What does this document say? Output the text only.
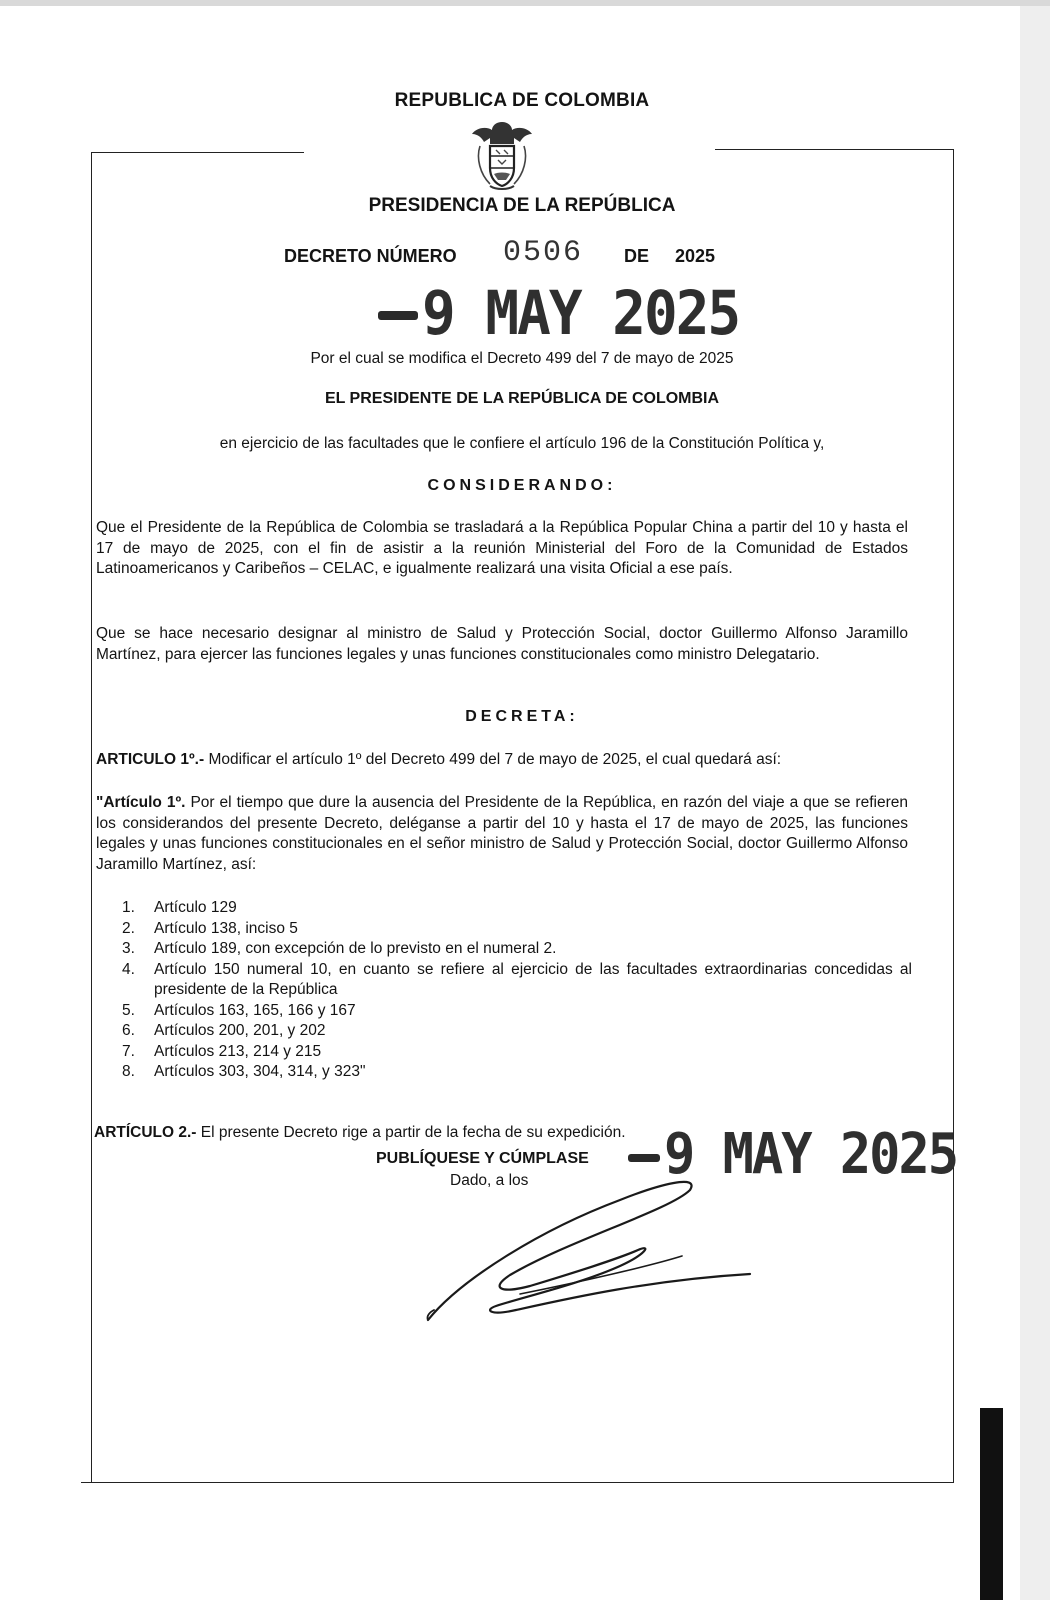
REPUBLICA DE COLOMBIA

PRESIDENCIA DE LA REPÚBLICA

DECRETO NÚMERO 0506 DE 2025
9 MAY 2025

Por el cual se modifica el Decreto 499 del 7 de mayo de 2025

EL PRESIDENTE DE LA REPÚBLICA DE COLOMBIA

en ejercicio de las facultades que le confiere el artículo 196 de la Constitución Política y,

CONSIDERANDO:

Que el Presidente de la República de Colombia se trasladará a la República Popular China a partir del 10 y hasta el 17 de mayo de 2025, con el fin de asistir a la reunión Ministerial del Foro de la Comunidad de Estados Latinoamericanos y Caribeños – CELAC, e igualmente realizará una visita Oficial a ese país.

Que se hace necesario designar al ministro de Salud y Protección Social, doctor Guillermo Alfonso Jaramillo Martínez, para ejercer las funciones legales y unas funciones constitucionales como ministro Delegatario.

DECRETA:

ARTICULO 1º.- Modificar el artículo 1º del Decreto 499 del 7 de mayo de 2025, el cual quedará así:

"Artículo 1º. Por el tiempo que dure la ausencia del Presidente de la República, en razón del viaje a que se refieren los considerandos del presente Decreto, deléganse a partir del 10 y hasta el 17 de mayo de 2025, las funciones legales y unas funciones constitucionales en el señor ministro de Salud y Protección Social, doctor Guillermo Alfonso Jaramillo Martínez, así:

1. Artículo 129
2. Artículo 138, inciso 5
3. Artículo 189, con excepción de lo previsto en el numeral 2.
4. Artículo 150 numeral 10, en cuanto se refiere al ejercicio de las facultades extraordinarias concedidas al presidente de la República
5. Artículos 163, 165, 166 y 167
6. Artículos 200, 201, y 202
7. Artículos 213, 214 y 215
8. Artículos 303, 304, 314, y 323"

ARTÍCULO 2.- El presente Decreto rige a partir de la fecha de su expedición.

PUBLÍQUESE Y CÚMPLASE
Dado, a los	9 MAY 2025
